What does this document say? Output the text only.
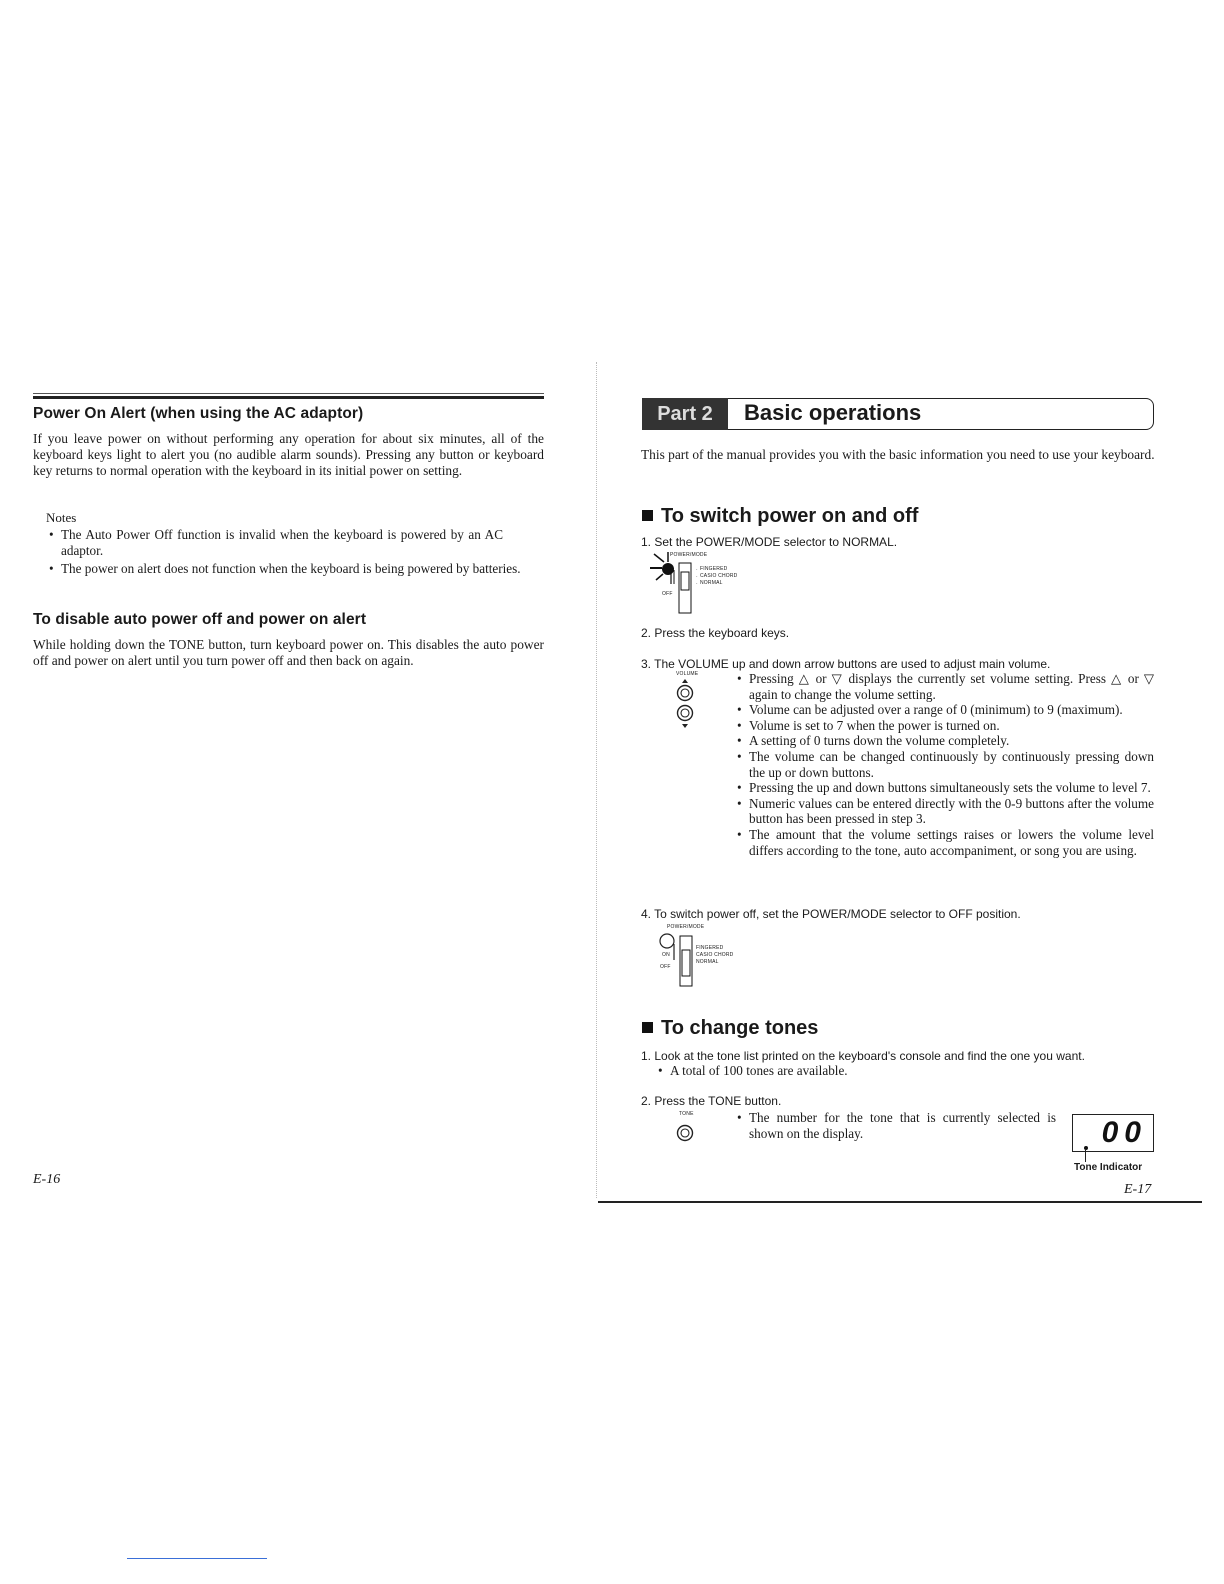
Power On Alert (when using the AC adaptor)
If you leave power on without performing any operation for about six minutes, all of the keyboard keys light to alert you (no audible alarm sounds). Pressing any button or keyboard key returns to normal operation with the keyboard in its initial power on setting.
Notes
• The Auto Power Off function is invalid when the keyboard is powered by an AC adaptor.
• The power on alert does not function when the keyboard is being powered by batteries.
To disable auto power off and power on alert
While holding down the TONE button, turn keyboard power on. This disables the auto power off and power on alert until you turn power off and then back on again.
E-16
Part 2 Basic operations
This part of the manual provides you with the basic information you need to use your keyboard.
To switch power on and off
1. Set the POWER/MODE selector to NORMAL.
·
·
·
POWER/MODE
FINGERED
CASIO CHORD
NORMAL
OFF
2. Press the keyboard keys.
3. The VOLUME up and down arrow buttons are used to adjust main volume.
VOLUME	• Pressing △ or ▽ displays the currently set volume setting. Press △ or ▽ again to change the volume setting.
• Volume can be adjusted over a range of 0 (minimum) to 9 (maximum).
• Volume is set to 7 when the power is turned on.
• A setting of 0 turns down the volume completely.
• The volume can be changed continuously by continuously pressing down the up or down buttons.
• Pressing the up and down buttons simultaneously sets the volume to level 7.
• Numeric values can be entered directly with the 0-9 buttons after the volume button has been pressed in step 3.
• The amount that the volume settings raises or lowers the volume level differs according to the tone, auto accompaniment, or song you are using.
4. To switch power off, set the POWER/MODE selector to OFF position.
POWER/MODE
ON
OFF
FINGERED
CASIO CHORD
NORMAL
To change tones
1. Look at the tone list printed on the keyboard's console and find the one you want.
• A total of 100 tones are available.
2. Press the TONE button.
TONE	• The number for the tone that is currently selected is shown on the display.	00
Tone Indicator
E-17
